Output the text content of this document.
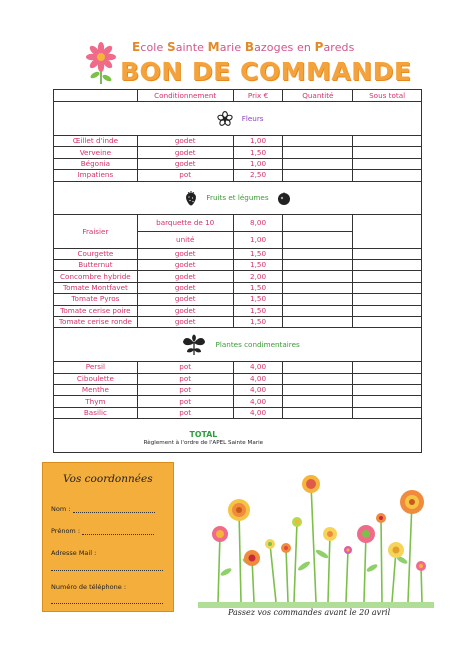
Ecole Sainte Marie Bazoges en Pareds
BON DE COMMANDE
	Conditionnement	Prix €	Quantité	Sous total
Fleurs				
Œillet d'inde	godet	1,00		
Verveine	godet	1,50		
Bégonia	godet	1,00		
Impatiens	pot	2,50		
Fruits et légumes				
Fraisier	barquette de 10	8,00		
	unité	1,00		
Courgette	godet	1,50		
Butternut	godet	1,50		
Concombre hybride	godet	2,00		
Tomate Montfavet	godet	1,50		
Tomate Pyros	godet	1,50		
Tomate cerise poire	godet	1,50		
Tomate cerise ronde	godet	1,50		
Plantes condimentaires				
Persil	pot	4,00		
Ciboulette	pot	4,00		
Menthe	pot	4,00		
Thym	pot	4,00		
Basilic	pot	4,00		

TOTAL
Règlement à l'ordre de l'APEL Sainte Marie				

Vos coordonnées
Nom :
Prénom :
Adresse Mail :
Numéro de téléphone :
Passez vos commandes avant le 20 avril
